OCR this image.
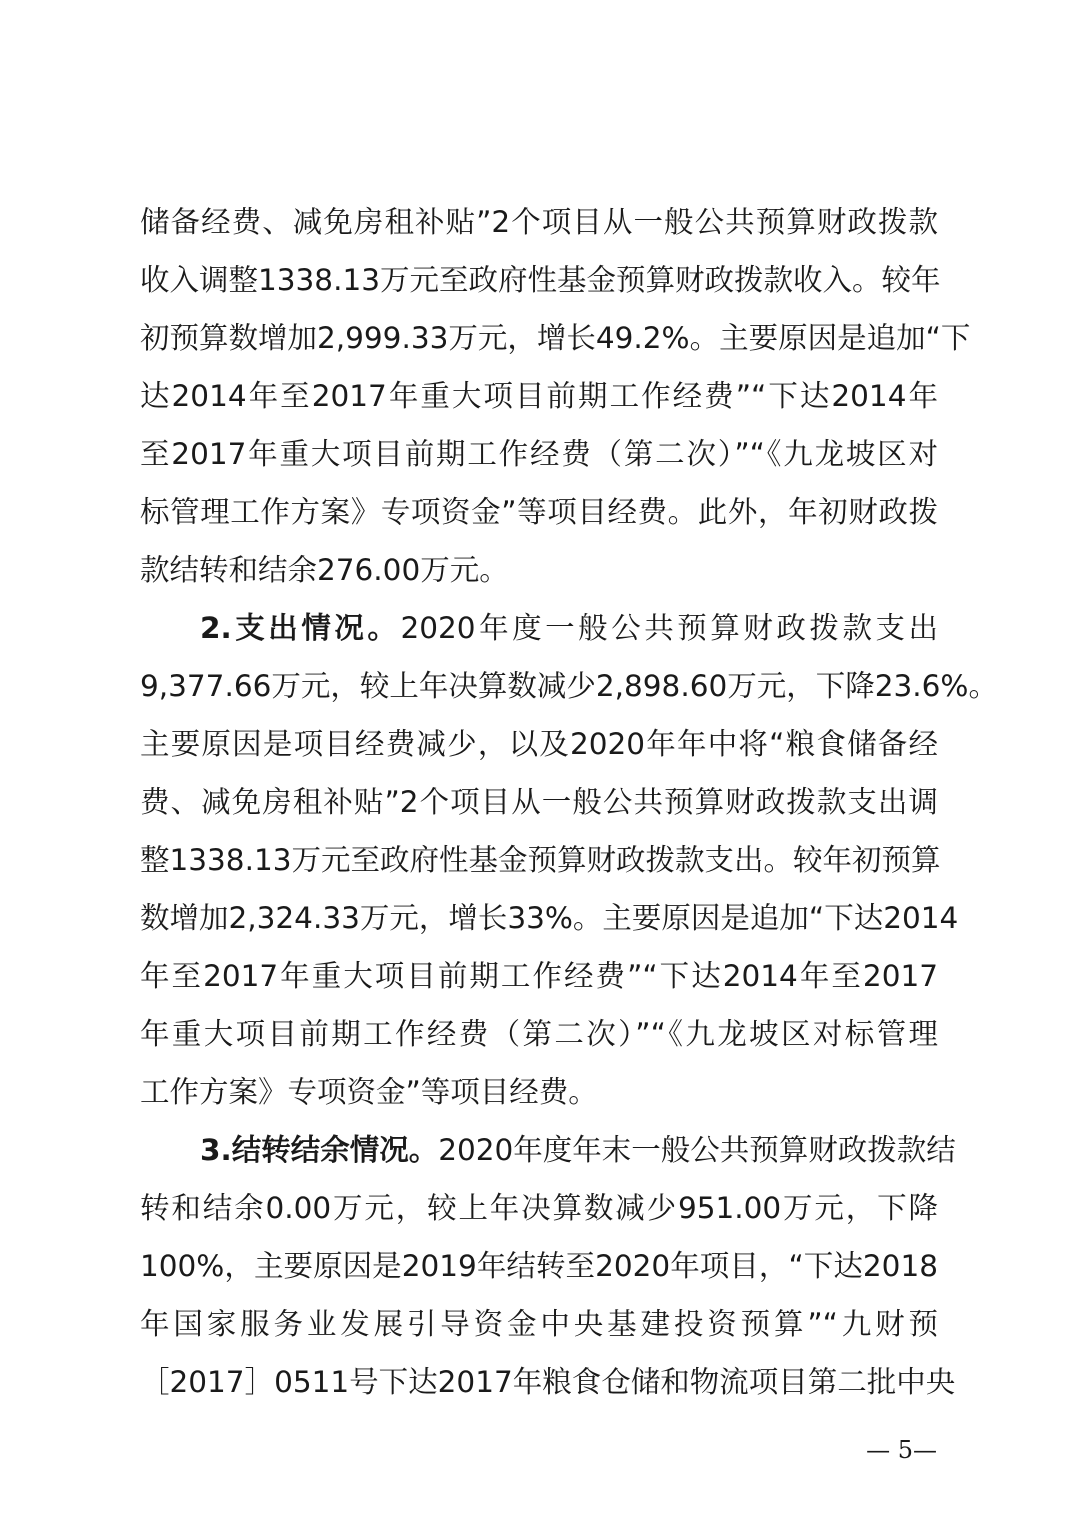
储备经费、减免房租补贴”2个项目从一般公共预算财政拨款
收入调整1338.13万元至政府性基金预算财政拨款收入。较年
初预算数增加2,999.33万元，增长49.2%。主要原因是追加“下
达2014年至2017年重大项目前期工作经费”“下达2014年
至2017年重大项目前期工作经费（第二次）”“《九龙坡区对
标管理工作方案》专项资金”等项目经费。此外，年初财政拨
款结转和结余276.00万元。
2.支出情况。2020年度一般公共预算财政拨款支出
9,377.66万元，较上年决算数减少2,898.60万元，下降23.6%。
主要原因是项目经费减少，以及2020年年中将“粮食储备经
费、减免房租补贴”2个项目从一般公共预算财政拨款支出调
整1338.13万元至政府性基金预算财政拨款支出。较年初预算
数增加2,324.33万元，增长33%。主要原因是追加“下达2014
年至2017年重大项目前期工作经费”“下达2014年至2017
年重大项目前期工作经费（第二次）”“《九龙坡区对标管理
工作方案》专项资金”等项目经费。
3.结转结余情况。2020年度年末一般公共预算财政拨款结
转和结余0.00万元，较上年决算数减少951.00万元，下降
100%，主要原因是2019年结转至2020年项目，“下达2018
年国家服务业发展引导资金中央基建投资预算”“九财预
［2017］0511号下达2017年粮食仓储和物流项目第二批中央
— 5—
